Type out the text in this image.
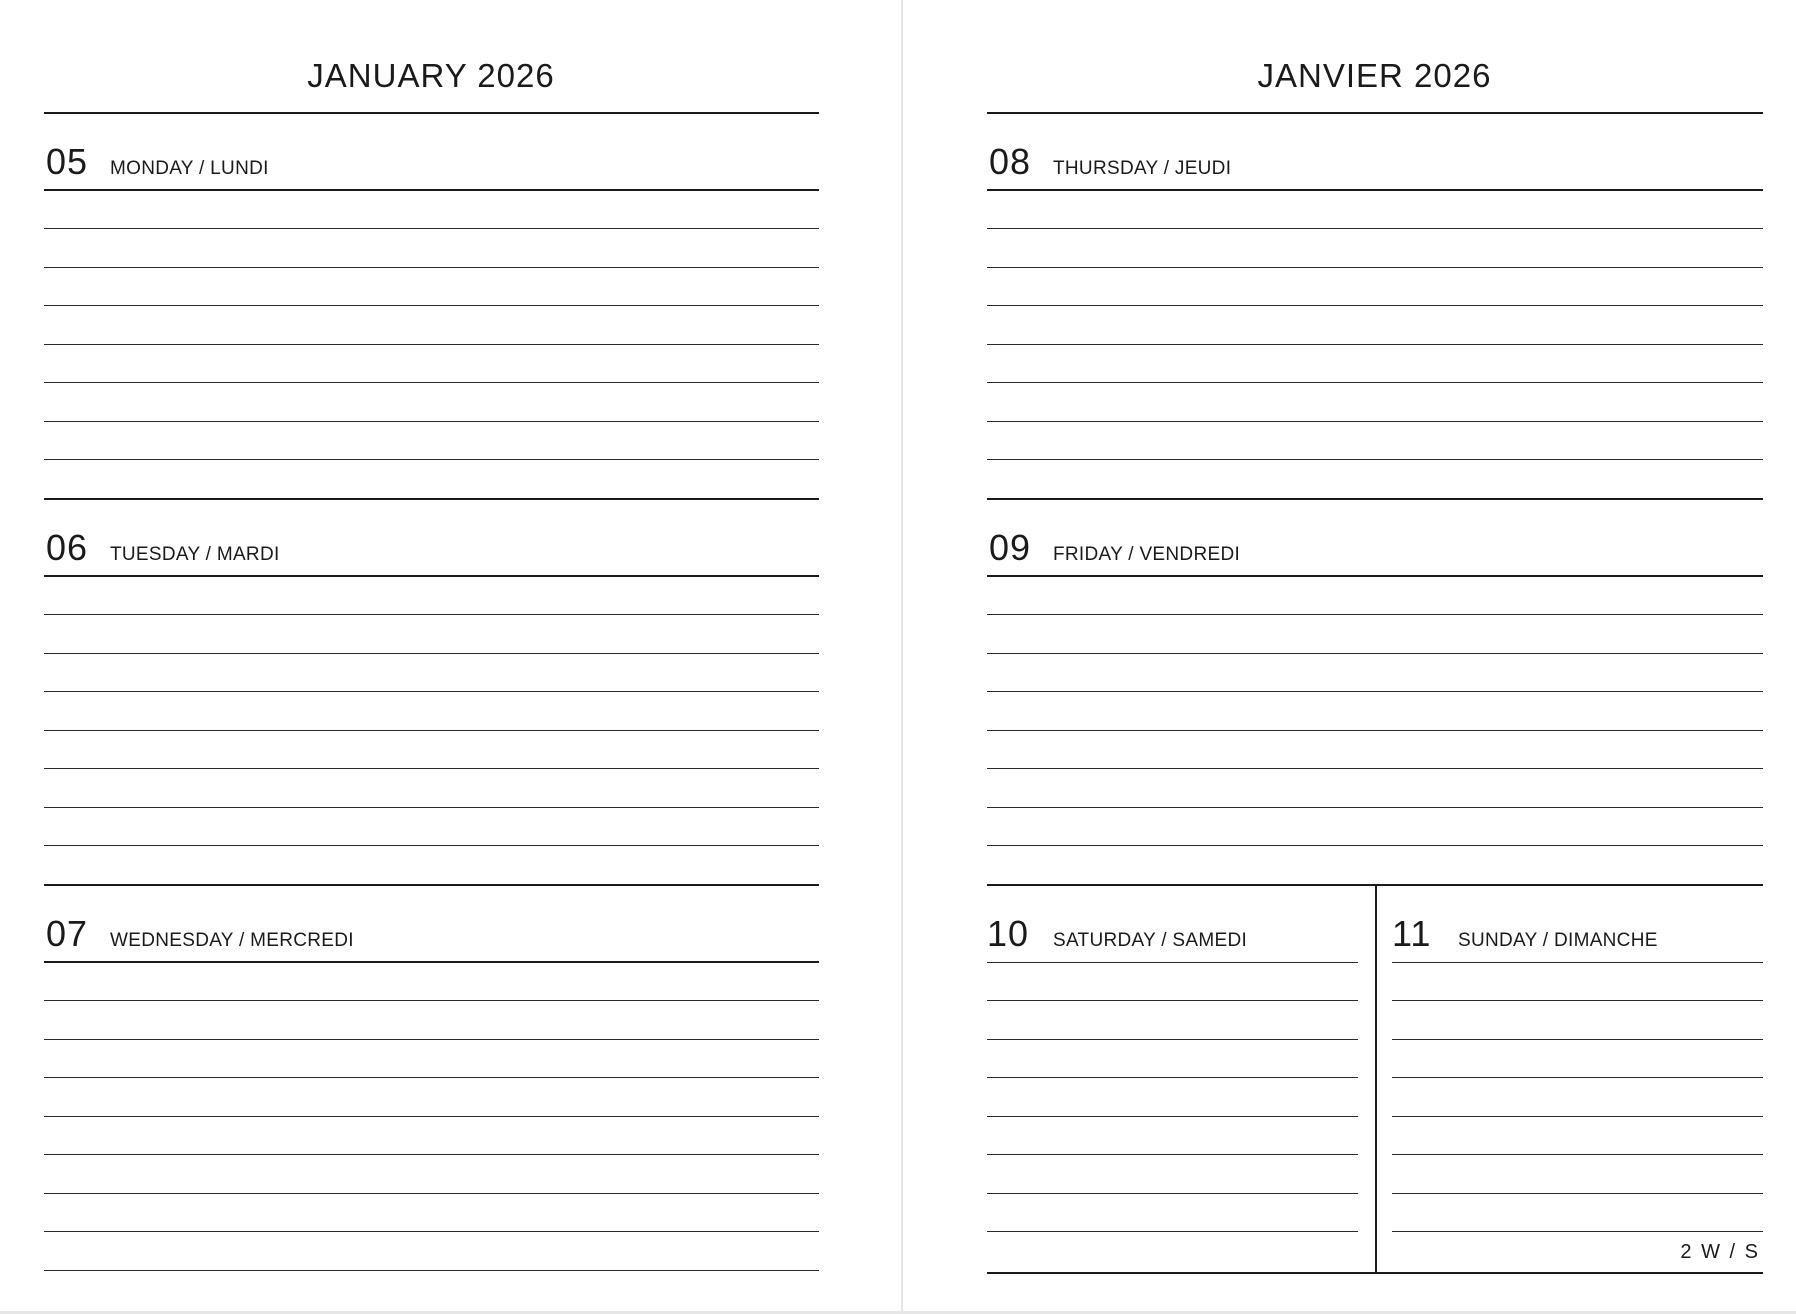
JANUARY 2026
05 MONDAY / LUNDI
06 TUESDAY / MARDI
07 WEDNESDAY / MERCREDI
JANVIER 2026
08 THURSDAY / JEUDI
09 FRIDAY / VENDREDI
10 SATURDAY / SAMEDI	11 SUNDAY / DIMANCHE
2 W / S
